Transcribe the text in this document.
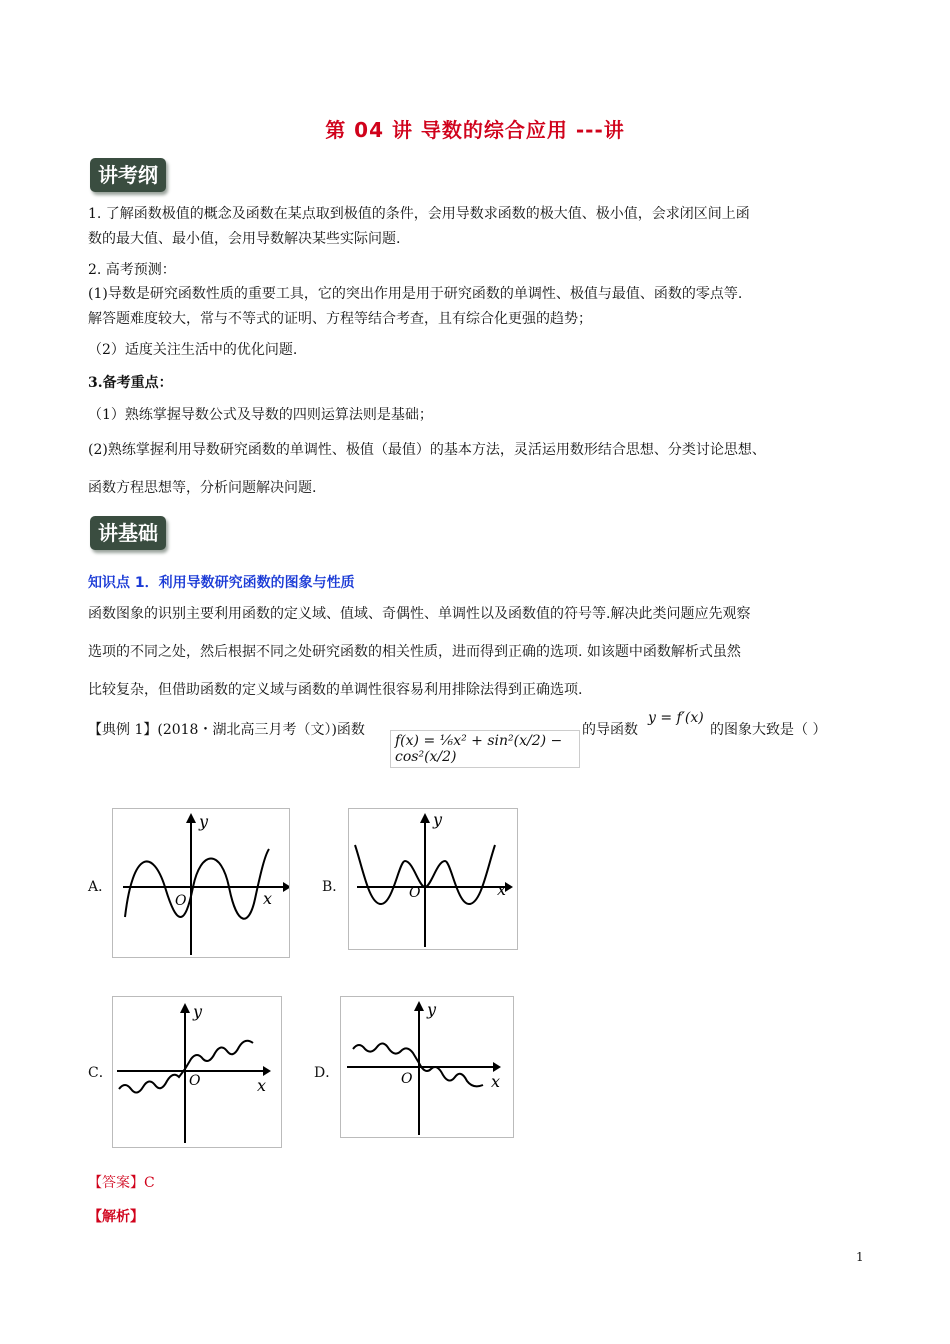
第 04 讲 导数的综合应用 ---讲
讲考纲
1. 了解函数极值的概念及函数在某点取到极值的条件，会用导数求函数的极大值、极小值，会求闭区间上函
数的最大值、最小值，会用导数解决某些实际问题.
2. 高考预测：
(1)导数是研究函数性质的重要工具，它的突出作用是用于研究函数的单调性、极值与最值、函数的零点等.
解答题难度较大，常与不等式的证明、方程等结合考查，且有综合化更强的趋势；
（2）适度关注生活中的优化问题.
3.备考重点：
（1）熟练掌握导数公式及导数的四则运算法则是基础；
(2)熟练掌握利用导数研究函数的单调性、极值（最值）的基本方法，灵活运用数形结合思想、分类讨论思想、
函数方程思想等，分析问题解决问题.
讲基础
知识点 1．利用导数研究函数的图象与性质
函数图象的识别主要利用函数的定义域、值域、奇偶性、单调性以及函数值的符号等.解决此类问题应先观察
选项的不同之处，然后根据不同之处研究函数的相关性质，进而得到正确的选项. 如该题中函数解析式虽然
比较复杂，但借助函数的定义域与函数的单调性很容易利用排除法得到正确选项.
【典例 1】(2018・湖北高三月考（文）)函数
f(x) = ⅙x² + sin²(x/2) − cos²(x/2)
的导函数
y = f′(x)
的图象大致是（ ）
A．	B．
C．	D．
y
x
O
y
x
O
y
x
O
y
x
O
【答案】C
【解析】
1
